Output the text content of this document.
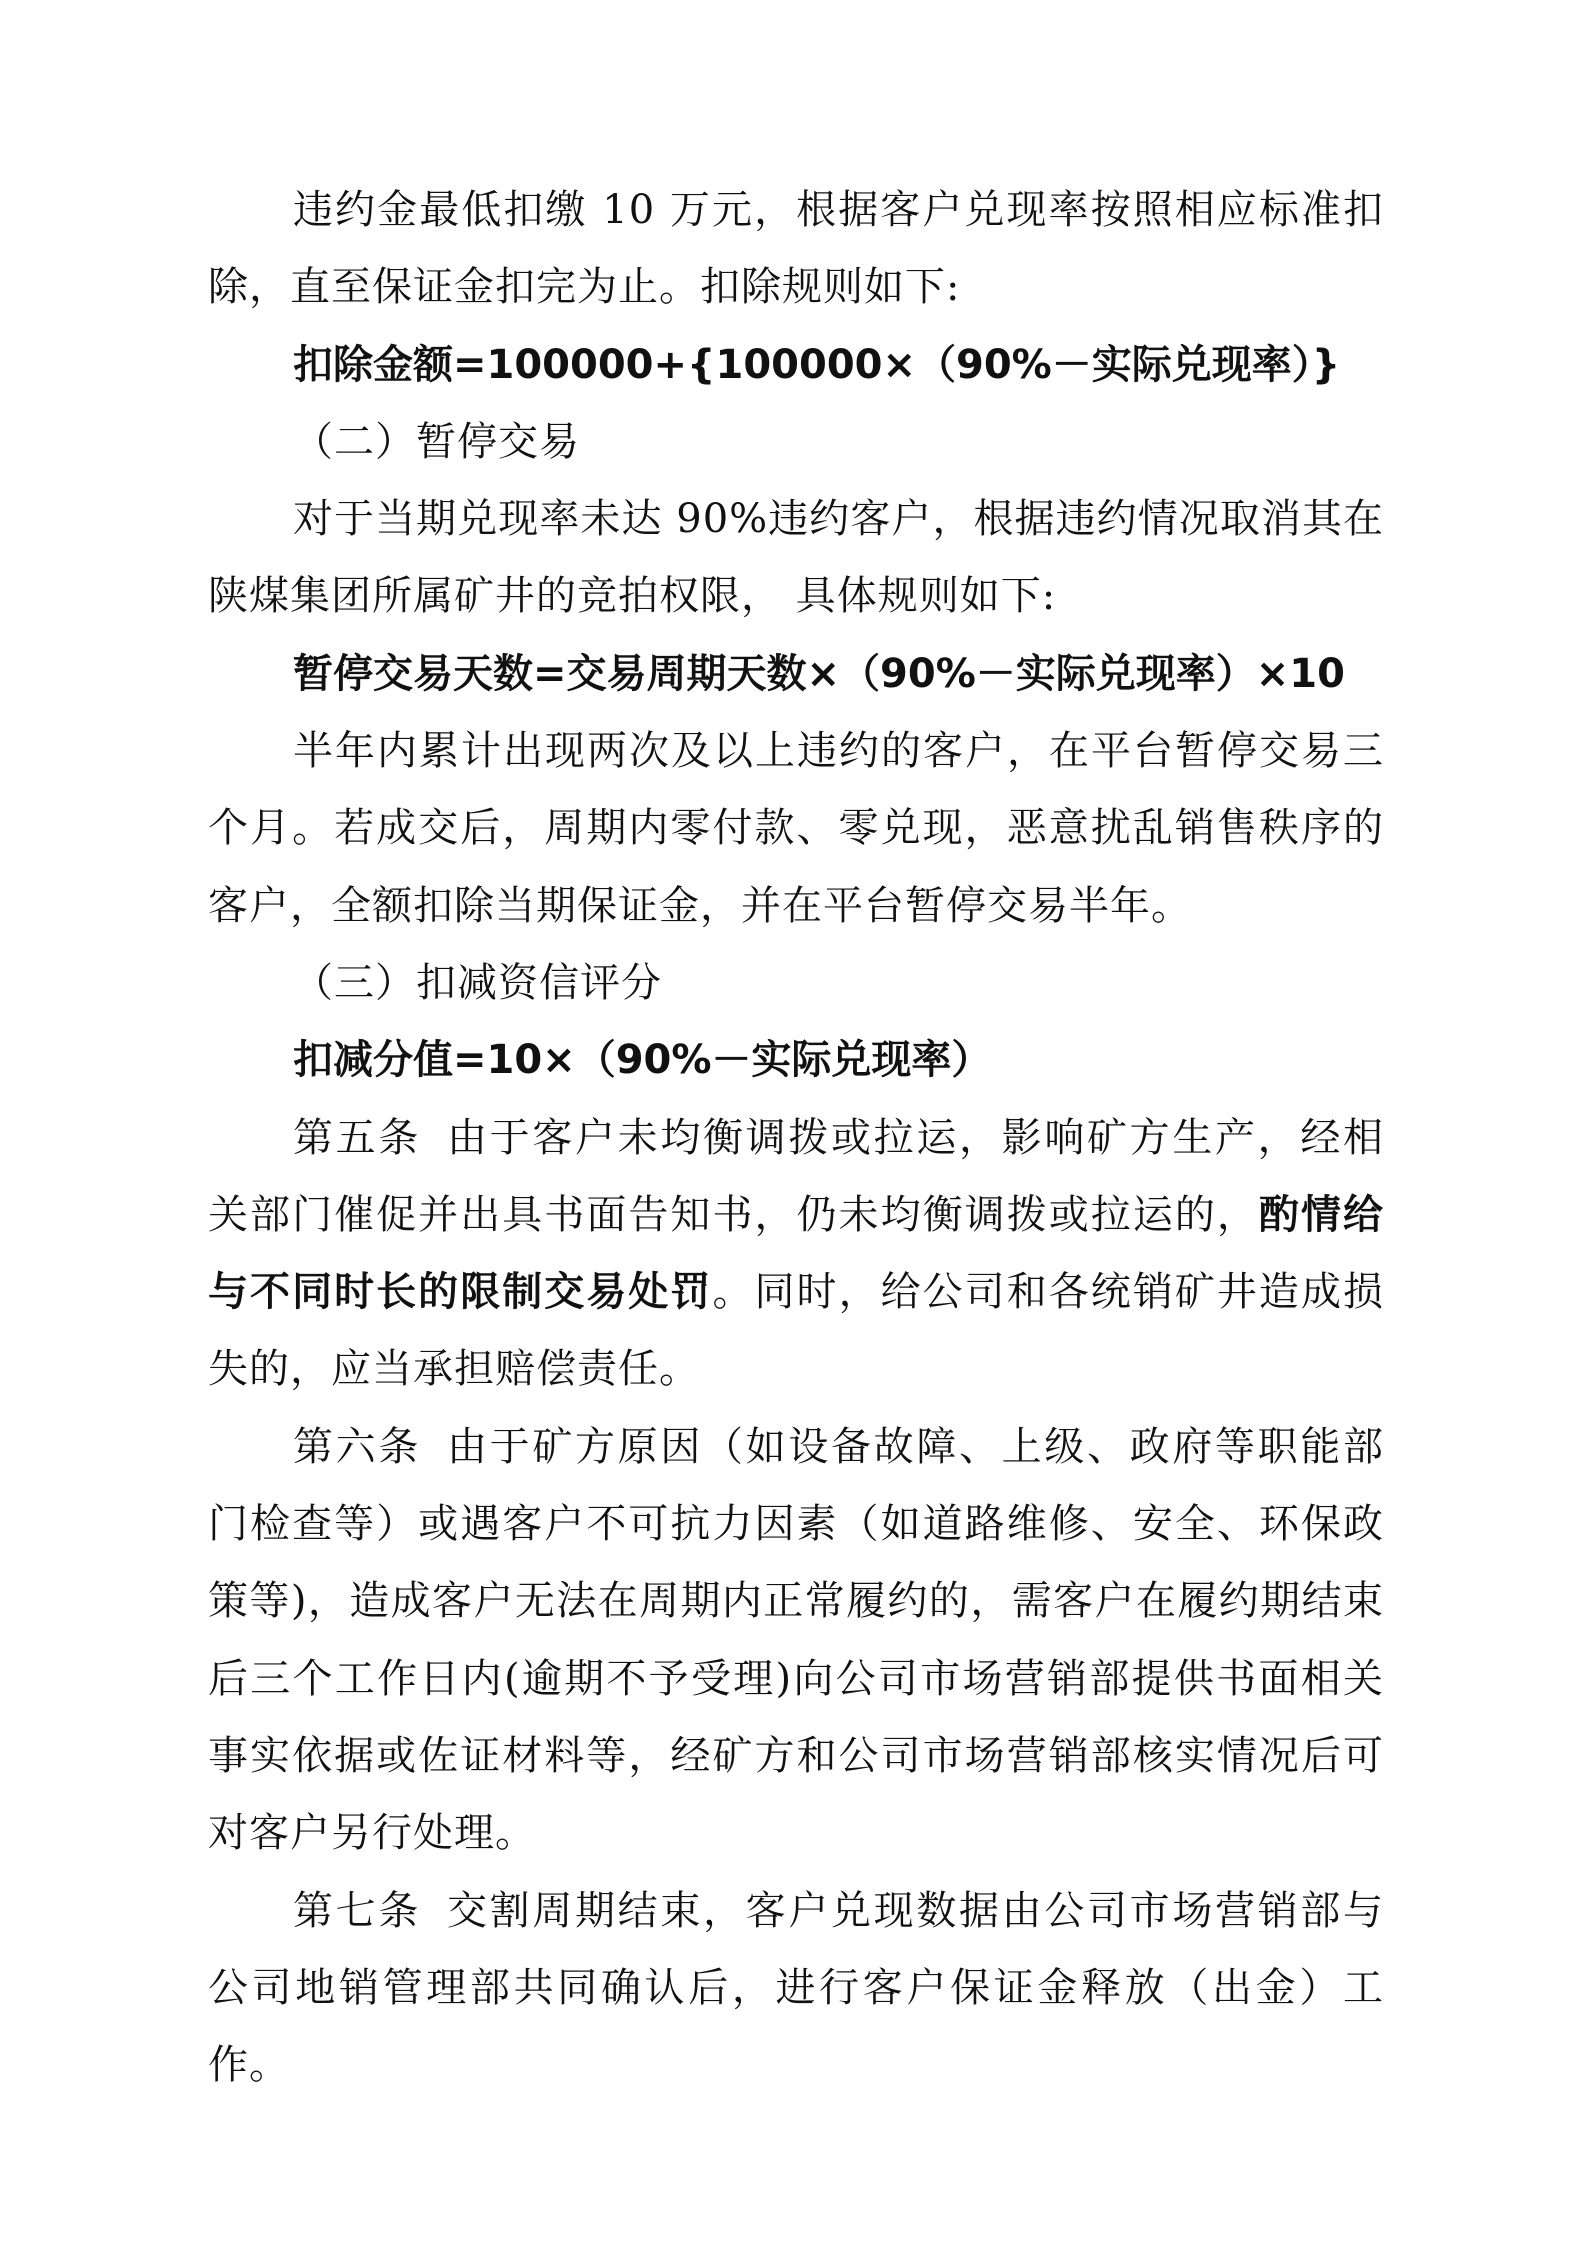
违约金最低扣缴 10 万元，根据客户兑现率按照相应标准扣除，直至保证金扣完为止。扣除规则如下:

扣除金额=100000+{100000×（90%－实际兑现率）}

（二）暂停交易

对于当期兑现率未达 90%违约客户，根据违约情况取消其在陕煤集团所属矿井的竞拍权限， 具体规则如下:

暂停交易天数=交易周期天数×（90%－实际兑现率）×10

半年内累计出现两次及以上违约的客户，在平台暂停交易三个月。若成交后，周期内零付款、零兑现，恶意扰乱销售秩序的客户，全额扣除当期保证金，并在平台暂停交易半年。

（三）扣减资信评分

扣减分值=10×（90%－实际兑现率）

第五条 由于客户未均衡调拨或拉运，影响矿方生产，经相关部门催促并出具书面告知书，仍未均衡调拨或拉运的，酌情给与不同时长的限制交易处罚。同时，给公司和各统销矿井造成损失的，应当承担赔偿责任。

第六条 由于矿方原因（如设备故障、上级、政府等职能部门检查等）或遇客户不可抗力因素（如道路维修、安全、环保政策等)，造成客户无法在周期内正常履约的，需客户在履约期结束后三个工作日内(逾期不予受理)向公司市场营销部提供书面相关事实依据或佐证材料等，经矿方和公司市场营销部核实情况后可对客户另行处理。

第七条 交割周期结束，客户兑现数据由公司市场营销部与公司地销管理部共同确认后，进行客户保证金释放（出金）工作。
